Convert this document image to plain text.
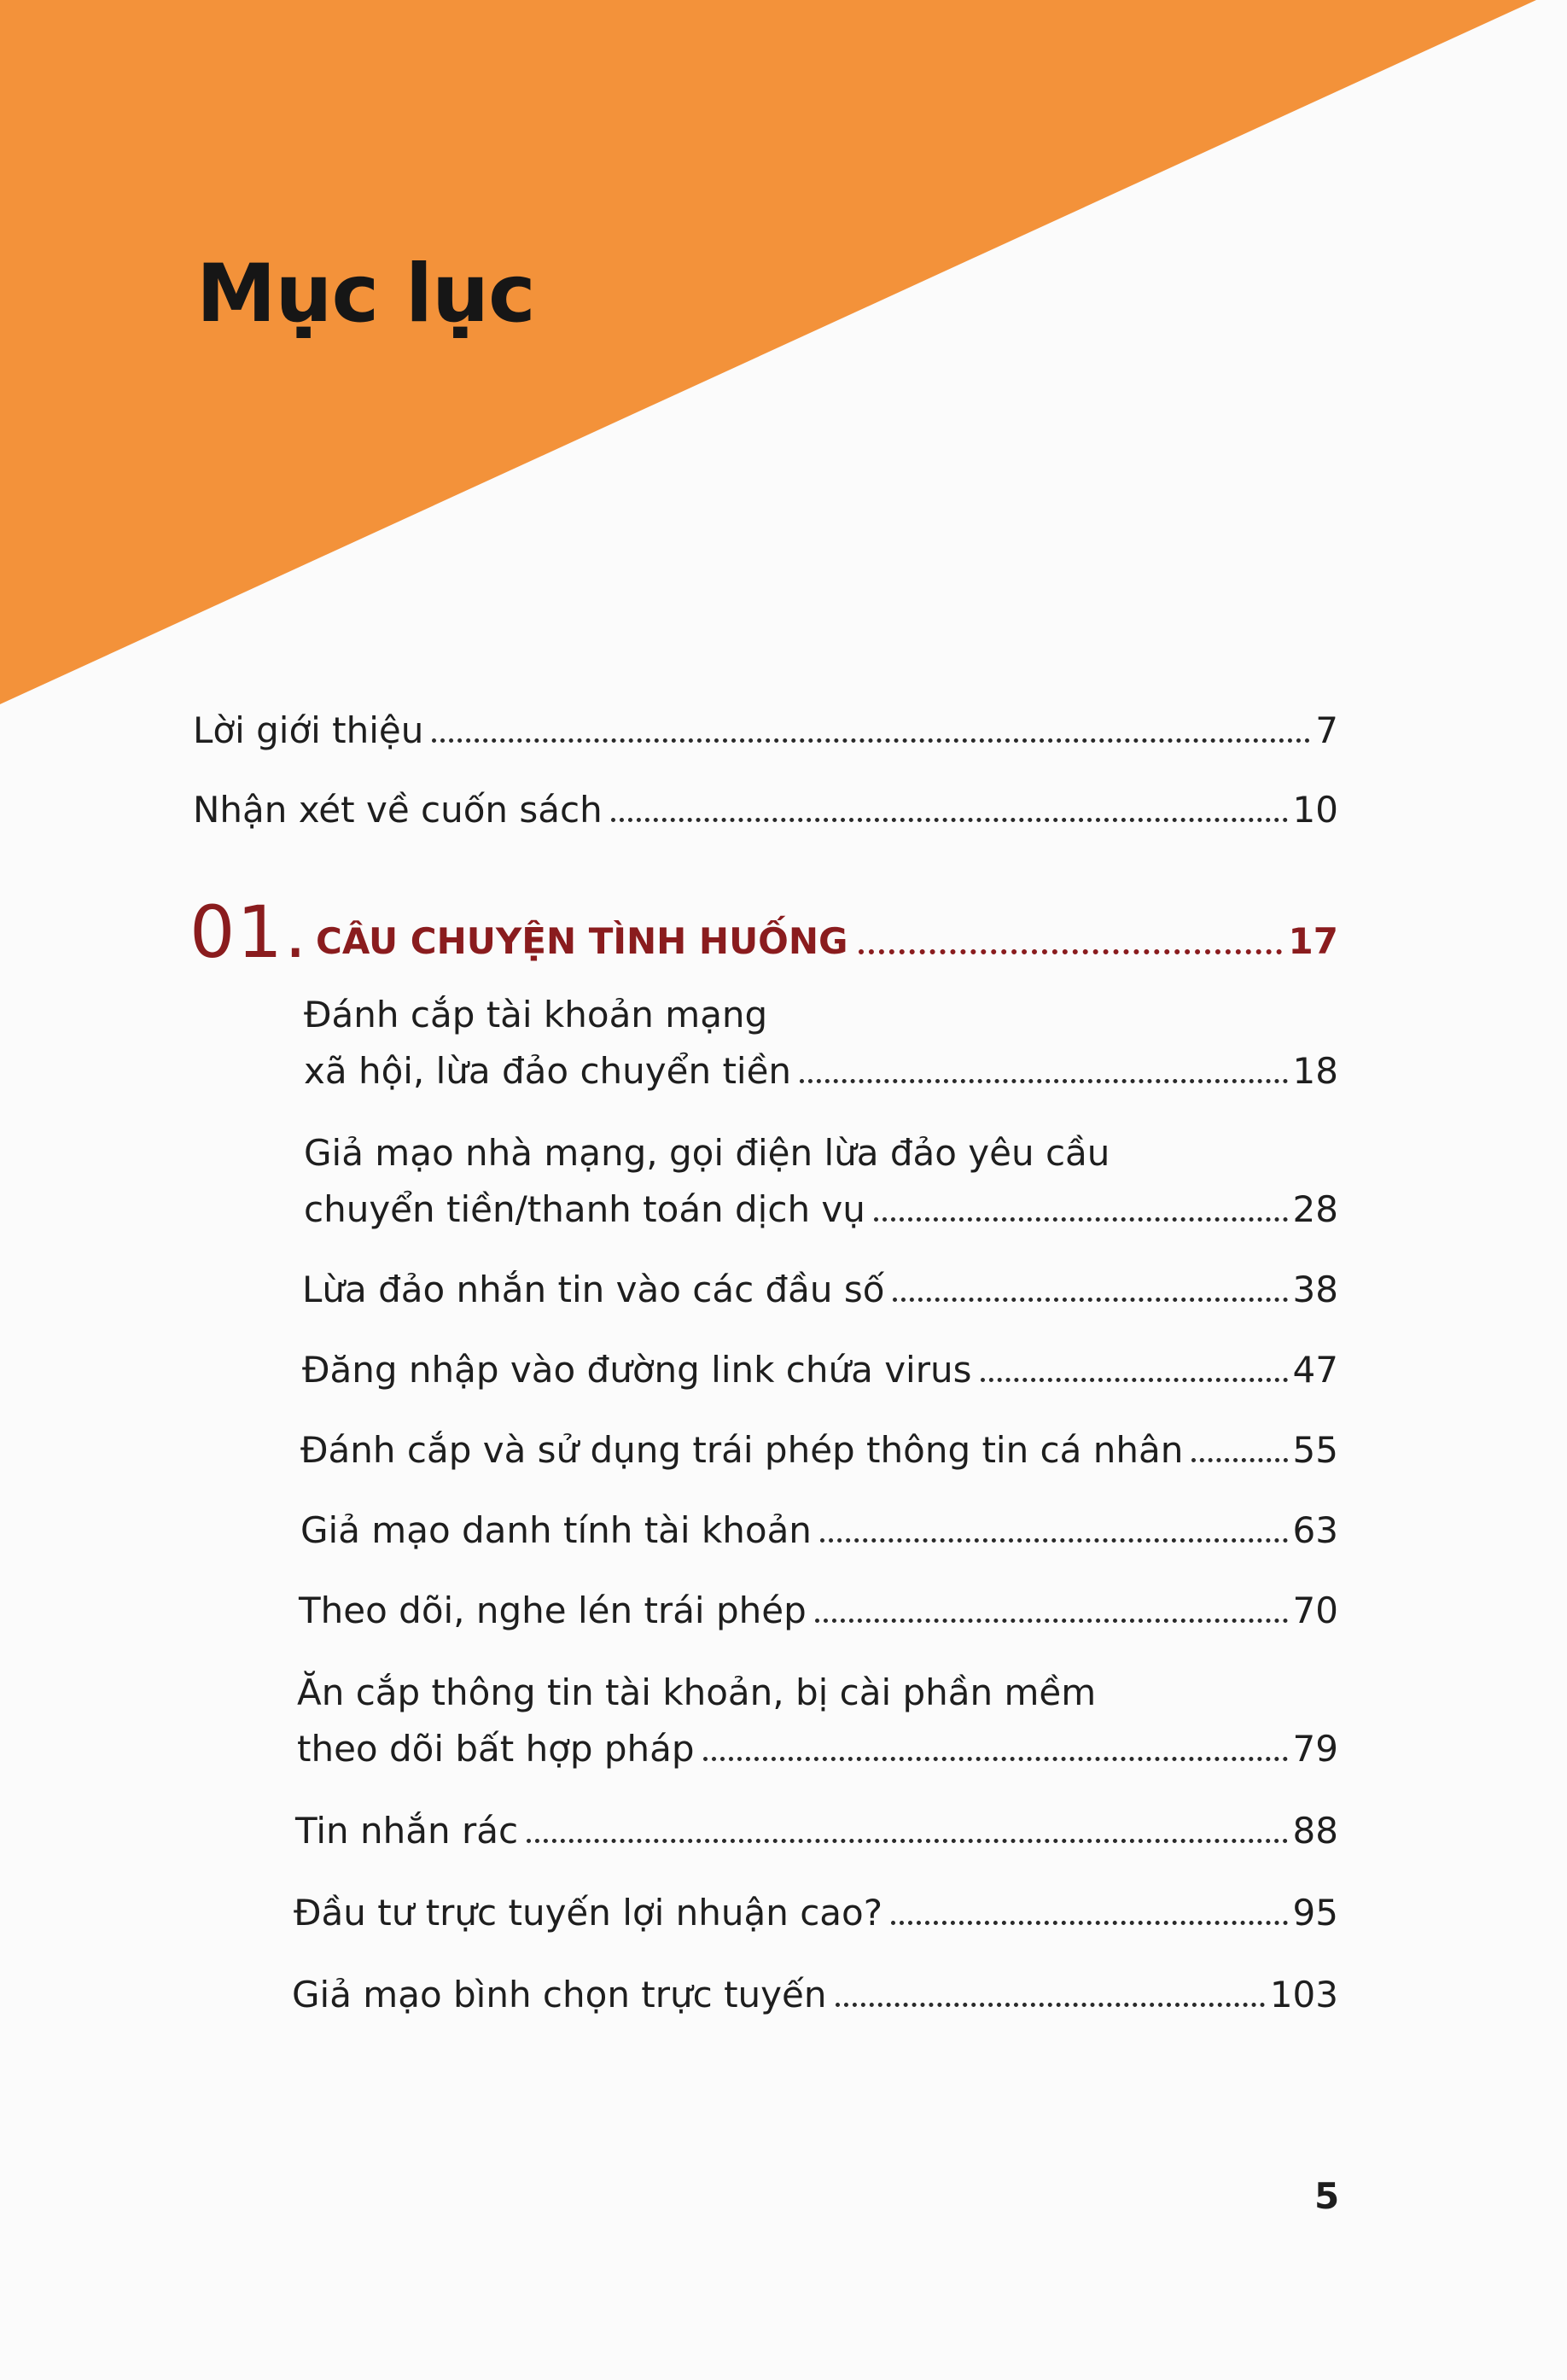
Mục lục
Lời giới thiệu	7
Nhận xét về cuốn sách	10
01. CÂU CHUYỆN TÌNH HUỐNG	17
Đánh cắp tài khoản mạng
xã hội, lừa đảo chuyển tiền	18
Giả mạo nhà mạng, gọi điện lừa đảo yêu cầu
chuyển tiền/thanh toán dịch vụ	28
Lừa đảo nhắn tin vào các đầu số	38
Đăng nhập vào đường link chứa virus	47
Đánh cắp và sử dụng trái phép thông tin cá nhân	55
Giả mạo danh tính tài khoản	63
Theo dõi, nghe lén trái phép	70
Ăn cắp thông tin tài khoản, bị cài phần mềm
theo dõi bất hợp pháp	79
Tin nhắn rác	88
Đầu tư trực tuyến lợi nhuận cao?	95
Giả mạo bình chọn trực tuyến	103
5
